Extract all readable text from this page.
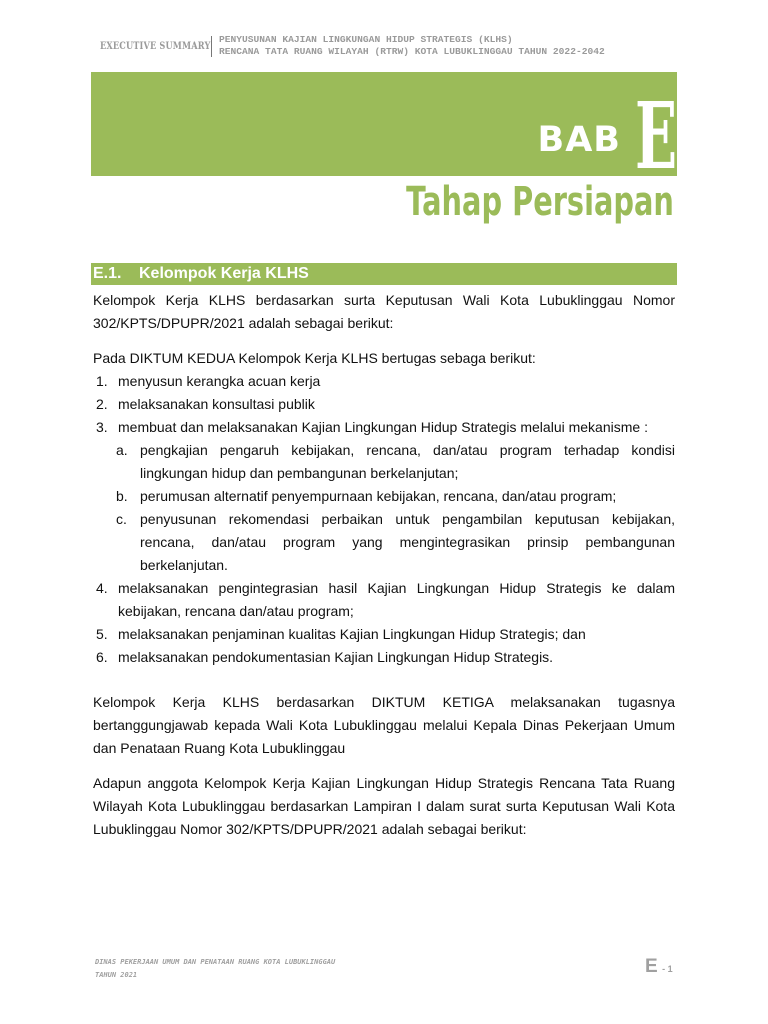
EXECUTIVE SUMMARY
PENYUSUNAN KAJIAN LINGKUNGAN HIDUP STRATEGIS (KLHS)
RENCANA TATA RUANG WILAYAH (RTRW) KOTA LUBUKLINGGAU TAHUN 2022-2042
BAB E
Tahap Persiapan
E.1. Kelompok Kerja KLHS

Kelompok Kerja KLHS berdasarkan surta Keputusan Wali Kota Lubuklinggau Nomor 302/KPTS/DPUPR/2021 adalah sebagai berikut:

Pada DIKTUM KEDUA Kelompok Kerja KLHS bertugas sebaga berikut:
1. menyusun kerangka acuan kerja
2. melaksanakan konsultasi publik
3. membuat dan melaksanakan Kajian Lingkungan Hidup Strategis melalui mekanisme :
a. pengkajian pengaruh kebijakan, rencana, dan/atau program terhadap kondisi lingkungan hidup dan pembangunan berkelanjutan;
b. perumusan alternatif penyempurnaan kebijakan, rencana, dan/atau program;
c. penyusunan rekomendasi perbaikan untuk pengambilan keputusan kebijakan, rencana, dan/atau program yang mengintegrasikan prinsip pembangunan berkelanjutan.
4. melaksanakan pengintegrasian hasil Kajian Lingkungan Hidup Strategis ke dalam kebijakan, rencana dan/atau program;
5. melaksanakan penjaminan kualitas Kajian Lingkungan Hidup Strategis; dan
6. melaksanakan pendokumentasian Kajian Lingkungan Hidup Strategis.

Kelompok Kerja KLHS berdasarkan DIKTUM KETIGA melaksanakan tugasnya bertanggungjawab kepada Wali Kota Lubuklinggau melalui Kepala Dinas Pekerjaan Umum dan Penataan Ruang Kota Lubuklinggau

Adapun anggota Kelompok Kerja Kajian Lingkungan Hidup Strategis Rencana Tata Ruang Wilayah Kota Lubuklinggau berdasarkan Lampiran I dalam surat surta Keputusan Wali Kota Lubuklinggau Nomor 302/KPTS/DPUPR/2021 adalah sebagai berikut:

DINAS PEKERJAAN UMUM DAN PENATAAN RUANG KOTA LUBUKLINGGAU
TAHUN 2021	E - 1
